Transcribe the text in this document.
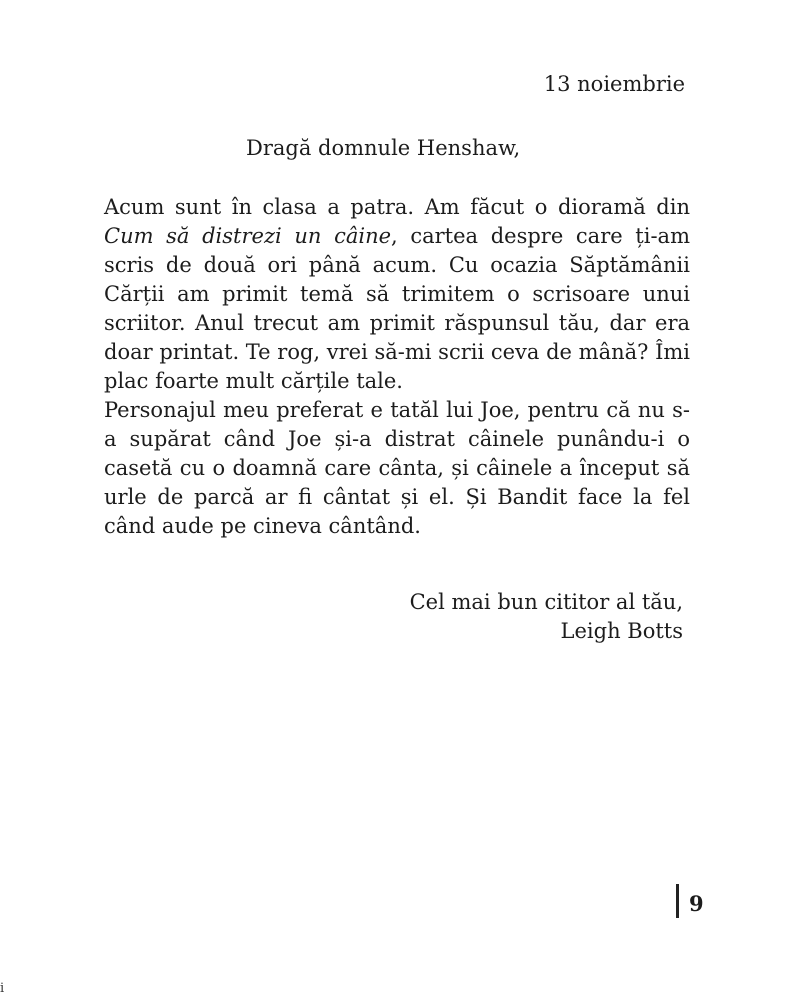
13 noiembrie
Dragă domnule Henshaw,

Acum sunt în clasa a patra. Am făcut o dioramă din Cum să distrezi un câine, cartea despre care ți-am scris de două ori până acum. Cu ocazia Săptămânii Cărții am primit temă să trimitem o scrisoare unui scriitor. Anul trecut am primit răspunsul tău, dar era doar printat. Te rog, vrei să-mi scrii ceva de mână? Îmi plac foarte mult cărțile tale.

Personajul meu preferat e tatăl lui Joe, pentru că nu s-a supărat când Joe și-a distrat câinele punându-i o casetă cu o doamnă care cânta, și câinele a început să urle de parcă ar fi cântat și el. Și Bandit face la fel când aude pe cineva cântând.

Cel mai bun cititor al tău,
Leigh Botts
9
i
